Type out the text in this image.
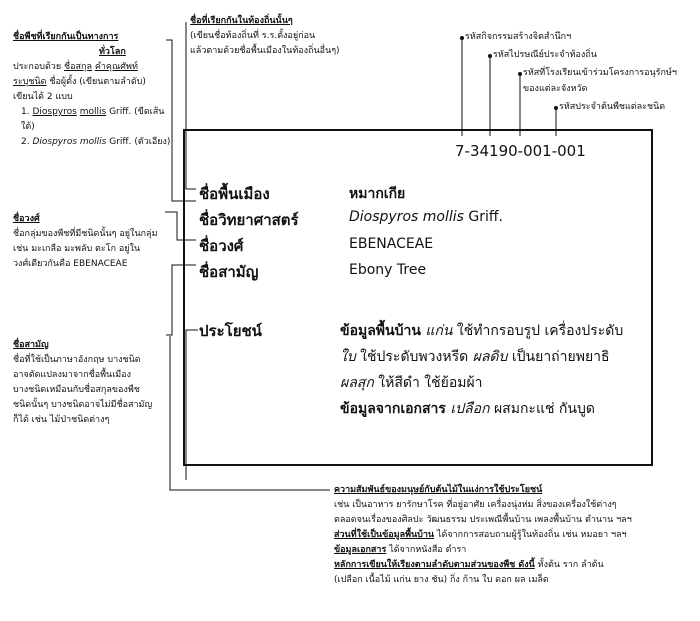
ชื่อพืชที่เรียกกันเป็นทางการ
ทั่วโลก
ประกอบด้วย ชื่อสกุล คำคุณศัพท์
ระบุชนิด ชื่อผู้ตั้ง (เขียนตามลำดับ)
เขียนได้ 2 แบบ
1. Diospyros mollis Griff. (ขีดเส้นใต้)
2. Diospyros mollis Griff. (ตัวเอียง)
ชื่อวงศ์
ชื่อกลุ่มของพืชที่มีชนิดนั้นๆ อยู่ในกลุ่ม
เช่น มะเกลือ มะพลับ ตะโก อยู่ใน
วงศ์เดียวกันคือ EBENACEAE
ชื่อสามัญ
ชื่อที่ใช้เป็นภาษาอังกฤษ บางชนิด
อาจตัดแปลงมาจากชื่อพื้นเมือง
บางชนิดเหมือนกับชื่อสกุลของพืช
ชนิดนั้นๆ บางชนิดอาจไม่มีชื่อสามัญ
ก็ได้ เช่น ไม้ป่าชนิดต่างๆ
ชื่อที่เรียกกันในท้องถิ่นนั้นๆ
(เขียนชื่อท้องถิ่นที่ ร.ร.ตั้งอยู่ก่อน
แล้วตามด้วยชื่อพื้นเมืองในท้องถิ่นอื่นๆ)
รหัสกิจกรรมสร้างจิตสำนึกฯ
รหัสไปรษณีย์ประจำท้องถิ่น
รหัสที่โรงเรียนเข้าร่วมโครงการอนุรักษ์ฯ
ของแต่ละจังหวัด
รหัสประจำต้นพืชแต่ละชนิด
7-34190-001-001
ชื่อพื้นเมือง	หมากเกีย
ชื่อวิทยาศาสตร์	Diospyros mollis Griff.
ชื่อวงศ์	EBENACEAE
ชื่อสามัญ	Ebony Tree
ประโยชน์	ข้อมูลพื้นบ้าน แก่น ใช้ทำกรอบรูป เครื่องประดับ
ใบ ใช้ประดับพวงหรีด ผลดิบ เป็นยาถ่ายพยาธิ
ผลสุก ให้สีดำ ใช้ย้อมผ้า
ข้อมูลจากเอกสาร เปลือก ผสมกะแช่ กันบูด
ความสัมพันธ์ของมนุษย์กับต้นไม้ในแง่การใช้ประโยชน์
เช่น เป็นอาหาร ยารักษาโรค ที่อยู่อาศัย เครื่องนุ่งห่ม สิ่งของเครื่องใช้ต่างๆ
ตลอดจนเรื่องของศิลปะ วัฒนธรรม ประเพณีพื้นบ้าน เพลงพื้นบ้าน ตำนาน ฯลฯ
ส่วนที่ใช้เป็นข้อมูลพื้นบ้าน ได้จากการสอบถามผู้รู้ในท้องถิ่น เช่น หมอยา ฯลฯ
ข้อมูลเอกสาร ได้จากหนังสือ ตำรา
หลักการเขียนให้เรียงตามลำดับตามส่วนของพืช ดังนี้ ทั้งต้น ราก ลำต้น
(เปลือก เนื้อไม้ แก่น ยาง ชัน) กิ่ง ก้าน ใบ ดอก ผล เมล็ด
